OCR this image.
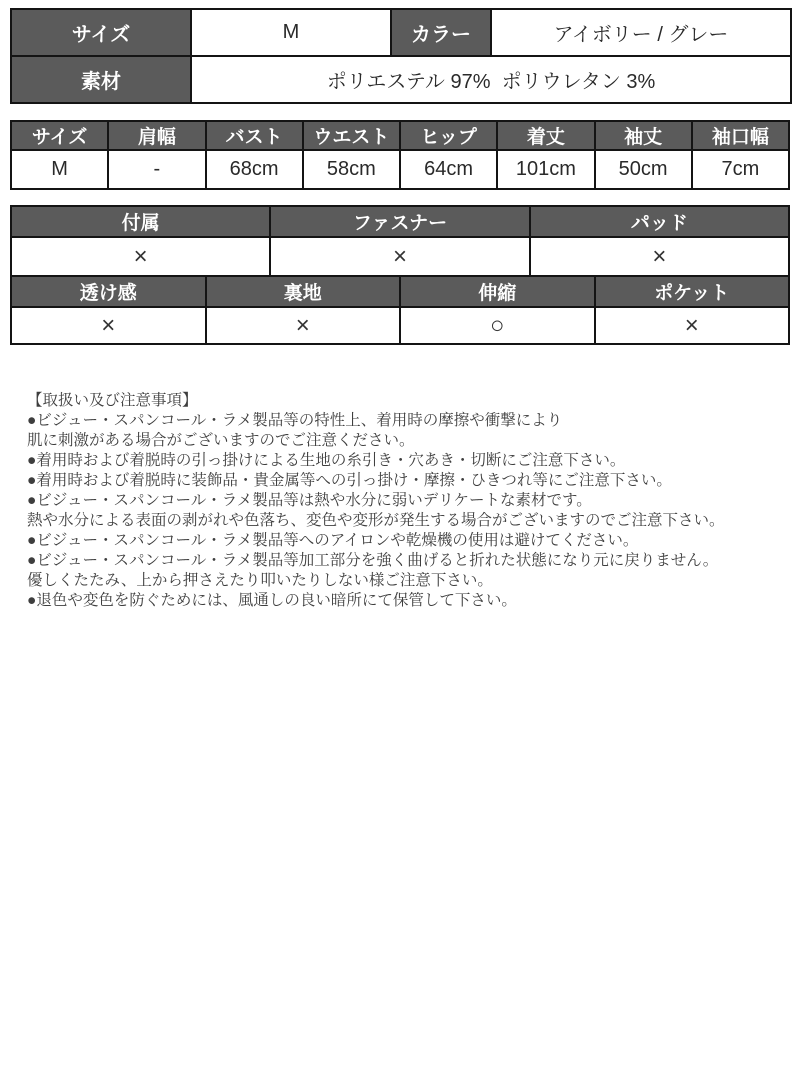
サイズ	M	カラー	アイボリー / グレー
素材	ポリエステル 97%  ポリウレタン 3%		
サイズ	肩幅	バスト	ウエスト	ヒップ	着丈	袖丈	袖口幅
M	-	68cm	58cm	64cm	101cm	50cm	7cm
付属	ファスナー	パッド
×	×	×
透け感	裏地	伸縮	ポケット
×	×	○	×
【取扱い及び注意事項】
●ビジュー・スパンコール・ラメ製品等の特性上、着用時の摩擦や衝撃により
肌に刺激がある場合がございますのでご注意ください。
●着用時および着脱時の引っ掛けによる生地の糸引き・穴あき・切断にご注意下さい。
●着用時および着脱時に装飾品・貴金属等への引っ掛け・摩擦・ひきつれ等にご注意下さい。
●ビジュー・スパンコール・ラメ製品等は熱や水分に弱いデリケートな素材です。
熱や水分による表面の剥がれや色落ち、変色や変形が発生する場合がございますのでご注意下さい。
●ビジュー・スパンコール・ラメ製品等へのアイロンや乾燥機の使用は避けてください。
●ビジュー・スパンコール・ラメ製品等加工部分を強く曲げると折れた状態になり元に戻りません。
優しくたたみ、上から押さえたり叩いたりしない様ご注意下さい。
●退色や変色を防ぐためには、風通しの良い暗所にて保管して下さい。
